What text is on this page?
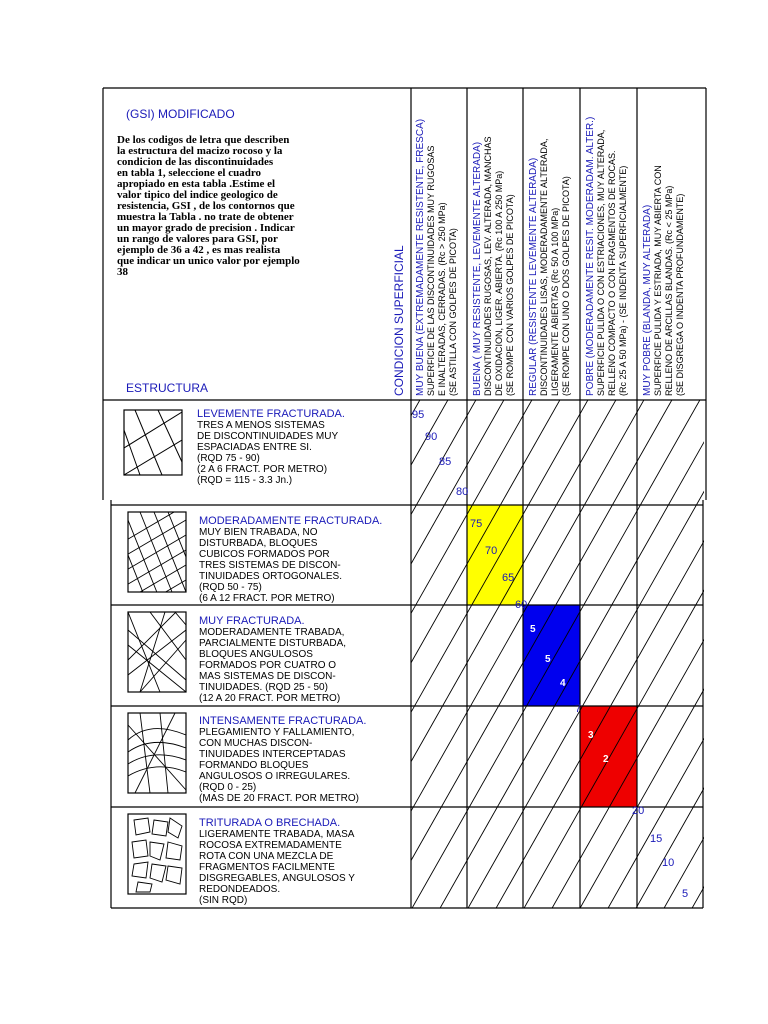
(GSI) MODIFICADO
De los codigos de letra que describen
la estructura del macizo rocoso y la
condicion de las discontinuidades
en tabla 1, seleccione el cuadro
apropiado en esta tabla .Estime el
valor tipico del indice geologico de
resistencia, GSI , de los contornos que
muestra la Tabla . no trate de obtener
un mayor grado de precision . Indicar
un rango de valores para GSI, por
ejemplo de 36 a 42 , es mas realista
que indicar un unico valor por ejemplo
38
ESTRUCTURA	CONDICION SUPERFICIAL MUY BUENA (EXTREMADAMENTE RESISTENTE, FRESCA) SUPERFICIE DE LAS DISCONTINUIDADES MUY RUGOSAS E INALTERADAS, CERRADAS. (Rc > 250 MPa) (SE ASTILLA CON GOLPES DE PICOTA) BUENA ( MUY RESISTENTE, LEVEMENTE ALTERADA) DISCONTINUIDADES RUGOSAS, LEV. ALTERADA, MANCHAS DE OXIDACION, LIGER. ABIERTA. (Rc 100 A 250 MPa) (SE ROMPE CON VARIOS GOLPES DE PICOTA) REGULAR (RESISTENTE LEVEMENTE ALTERADA) DISCONTINUIDADES LISAS, MODERADAMENTE ALTERADA, LIGERAMENTE ABIERTAS (Rc 50 A 100 MPa) (SE ROMPE CON UNO O DOS GOLPES DE PICOTA) POBRE (MODERADAMENTE RESIT. MODERADAM. ALTER.) SUPERFICIE PULIDA O CON ESTRIACIONES, MUY ALTERADA, RELLENO COMPACTO O CON FRAGMENTOS DE ROCAS. (Rc 25 A 50 MPa) - (SE INDENTA SUPERFICIALMENTE) MUY POBRE (BLANDA, MUY ALTERADA) SUPERFICIE PULIDA Y ESTRIADA, MUY ABIERTA CON RELLENO DE ARCILLAS BLANDAS. (Rc < 25 MPa) (SE DISGREGA O INDENTA PROFUNDAMENTE)
LEVEMENTE FRACTURADA.
TRES A MENOS SISTEMAS
DE DISCONTINUIDADES MUY
ESPACIADAS ENTRE SI.
(RQD 75 - 90)
(2 A 6 FRACT. POR METRO)
(RQD = 115 - 3.3 Jn.)
MODERADAMENTE FRACTURADA.
MUY BIEN TRABADA, NO
DISTURBADA, BLOQUES
CUBICOS FORMADOS POR
TRES SISTEMAS DE DISCON-
TINUIDADES ORTOGONALES.
(RQD 50 - 75)
(6 A 12 FRACT. POR METRO)
MUY FRACTURADA.
MODERADAMENTE TRABADA,
PARCIALMENTE DISTURBADA,
BLOQUES ANGULOSOS
FORMADOS POR CUATRO O
MAS SISTEMAS DE DISCON-
TINUIDADES. (RQD 25 - 50)
(12 A 20 FRACT. POR METRO)
INTENSAMENTE FRACTURADA.
PLEGAMIENTO Y FALLAMIENTO,
CON MUCHAS DISCON-
TINUIDADES INTERCEPTADAS
FORMANDO BLOQUES
ANGULOSOS O IRREGULARES.
(RQD 0 - 25)
(MAS DE 20 FRACT. POR METRO)
TRITURADA O BRECHADA.
LIGERAMENTE TRABADA, MASA
ROCOSA EXTREMADAMENTE
ROTA CON UNA MEZCLA DE
FRAGMENTOS FACILMENTE
DISGREGABLES, ANGULOSOS Y
REDONDEADOS.
(SIN RQD)
95
90
85
80
75
70
65
60
5
5
4
7
3
2
20
15
10
5
